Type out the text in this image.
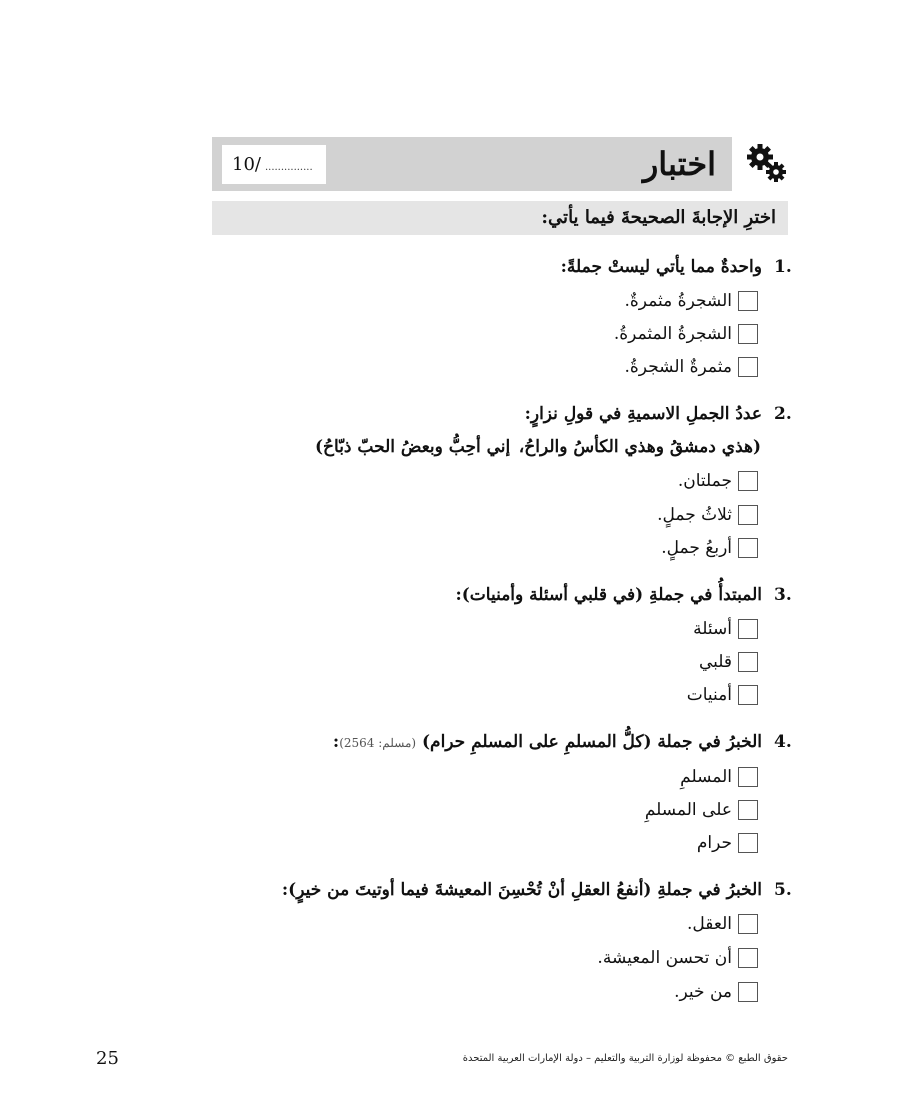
10/ ...............	اختبار
اخترِ الإجابةَ الصحيحةَ فيما يأتي:
1.
واحدةٌ مما يأتي ليستْ جملةً:
الشجرةُ مثمرةٌ.
الشجرةُ المثمرةُ.
مثمرةٌ الشجرةُ.
2.
عددُ الجملِ الاسميةِ في قولِ نزارٍ:
(هذي دمشقُ وهذي الكأسُ والراحُ،
إني أحِبُّ وبعضُ الحبّ ذبّاحُ)
جملتان.
ثلاثُ جملٍ.
أربعُ جملٍ.
3.
المبتدأُ في جملةِ (في قلبي أسئلة وأمنيات):
أسئلة
قلبي
أمنيات
4.
الخبرُ في جملة (كلُّ المسلمِ على المسلمِ حرام) (مسلم: 2564):
المسلمِ
على المسلمِ
حرام
5.
الخبرُ في جملةِ (أنفعُ العقلِ أنْ تُحْسِنَ المعيشةَ فيما أوتيتَ من خيرٍ):
العقل.
أن تحسن المعيشة.
من خير.
25	حقوق الطبع © محفوظة لوزارة التربية والتعليم – دولة الإمارات العربية المتحدة
